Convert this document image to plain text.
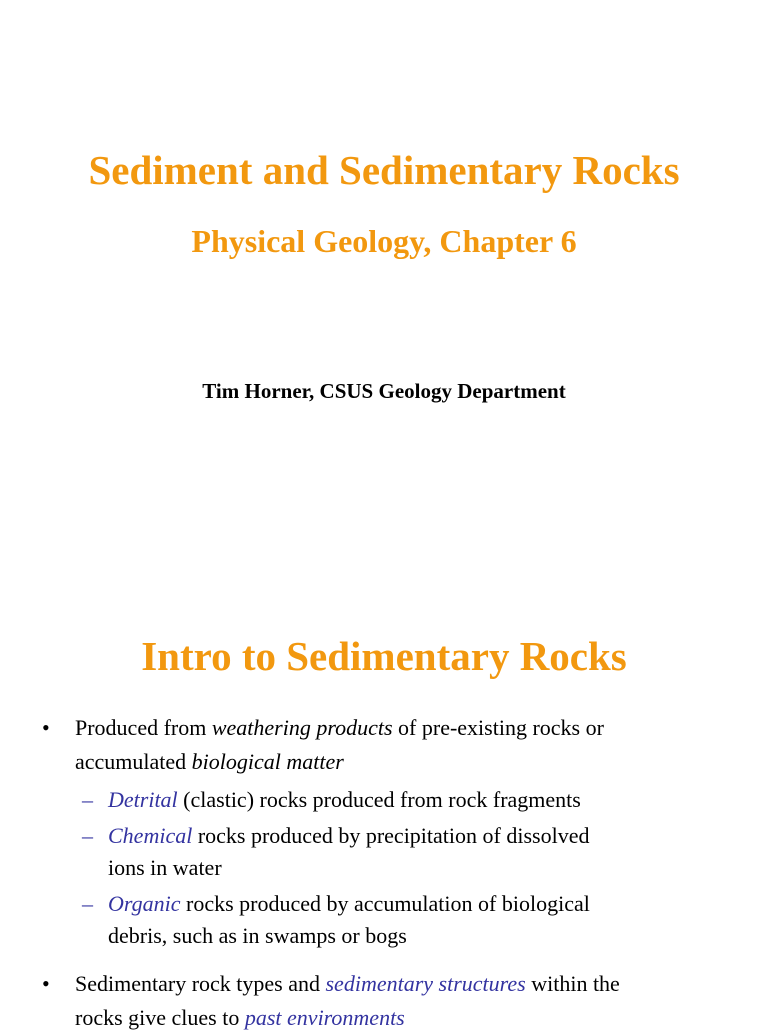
Sediment and Sedimentary Rocks
Physical Geology, Chapter 6
Tim Horner, CSUS Geology Department
Intro to Sedimentary Rocks
• Produced from weathering products of pre-existing rocks or
accumulated biological matter
– Detrital (clastic) rocks produced from rock fragments
– Chemical rocks produced by precipitation of dissolved
ions in water
– Organic rocks produced by accumulation of biological
debris, such as in swamps or bogs
• Sedimentary rock types and sedimentary structures within the
rocks give clues to past environments
